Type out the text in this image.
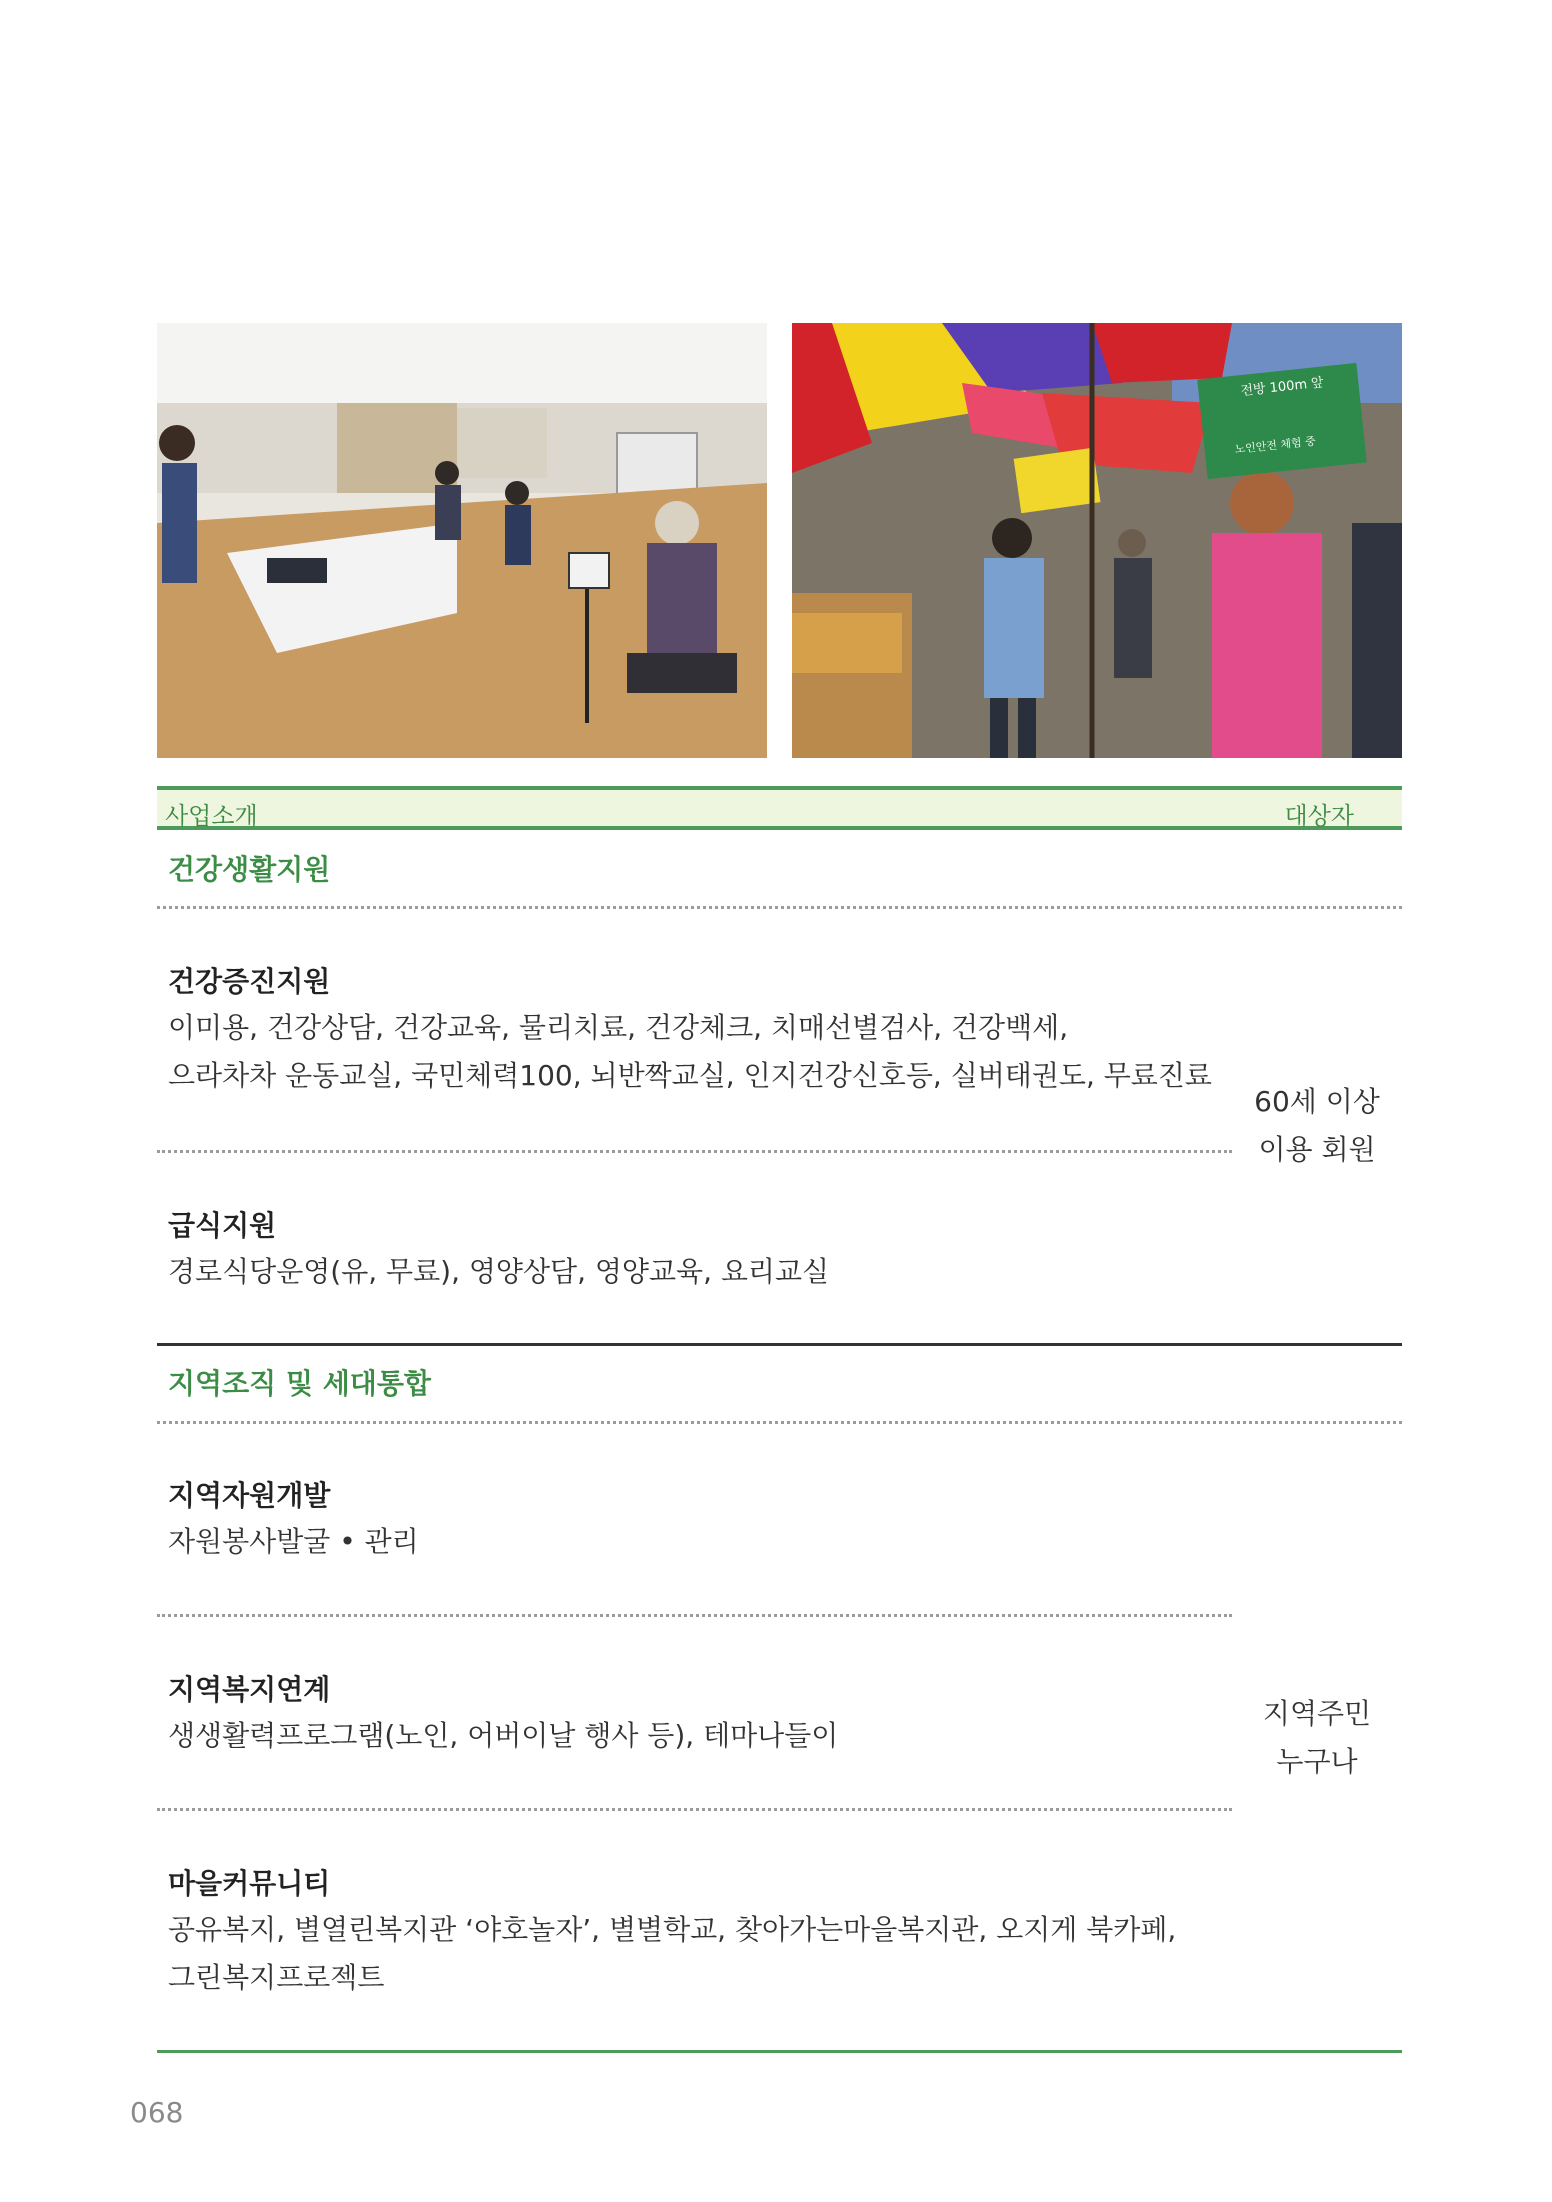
전방 100m 앞
노인안전 체험 중
사업소개	대상자
건강생활지원
건강증진지원
이미용, 건강상담, 건강교육, 물리치료, 건강체크, 치매선별검사, 건강백세,
으라차차 운동교실, 국민체력100, 뇌반짝교실, 인지건강신호등, 실버태권도, 무료진료
급식지원
경로식당운영(유, 무료), 영양상담, 영양교육, 요리교실
60세 이상
이용 회원
지역조직 및 세대통합
지역자원개발
자원봉사발굴 • 관리
지역복지연계
생생활력프로그램(노인, 어버이날 행사 등), 테마나들이
마을커뮤니티
공유복지, 별열린복지관 ‘야호놀자’, 별별학교, 찾아가는마을복지관, 오지게 북카페,
그린복지프로젝트
지역주민
누구나
068
